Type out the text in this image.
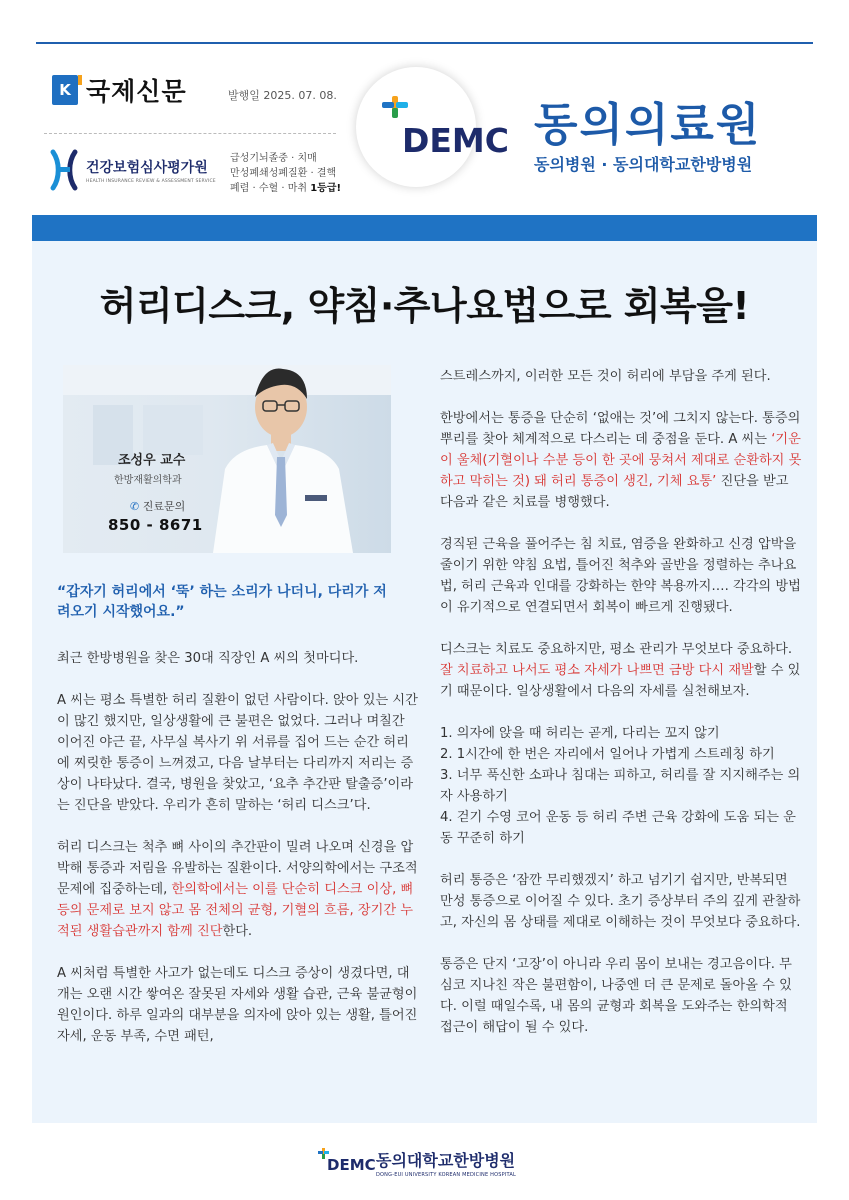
K 국제신문	발행일 2025. 07. 08.
건강보험심사평가원
HEALTH INSURANCE REVIEW & ASSESSMENT SERVICE
급성기뇌졸중 · 치매
만성폐쇄성폐질환 · 결핵
폐렴 · 수혈 · 마취 1등급!
DEMC 동의의료원
동의병원 · 동의대학교한방병원
허리디스크, 약침·추나요법으로 회복을!
조성우 교수
한방재활의학과
✆ 진료문의
850 - 8671
“갑자기 허리에서 ‘뚝’ 하는 소리가 나더니, 다리가 저려오기 시작했어요.”

최근 한방병원을 찾은 30대 직장인 A 씨의 첫마디다.

A 씨는 평소 특별한 허리 질환이 없던 사람이다. 앉아 있는 시간이 많긴 했지만, 일상생활에 큰 불편은 없었다. 그러나 며칠간 이어진 야근 끝, 사무실 복사기 위 서류를 집어 드는 순간 허리에 찌릿한 통증이 느껴졌고, 다음 날부터는 다리까지 저리는 증상이 나타났다. 결국, 병원을 찾았고, ‘요추 추간판 탈출증’이라는 진단을 받았다. 우리가 흔히 말하는 ‘허리 디스크’다.

허리 디스크는 척추 뼈 사이의 추간판이 밀려 나오며 신경을 압박해 통증과 저림을 유발하는 질환이다. 서양의학에서는 구조적 문제에 집중하는데, 한의학에서는 이를 단순히 디스크 이상, 뼈 등의 문제로 보지 않고 몸 전체의 균형, 기혈의 흐름, 장기간 누적된 생활습관까지 함께 진단한다.

A 씨처럼 특별한 사고가 없는데도 디스크 증상이 생겼다면, 대개는 오랜 시간 쌓여온 잘못된 자세와 생활 습관, 근육 불균형이 원인이다. 하루 일과의 대부분을 의자에 앉아 있는 생활, 틀어진 자세, 운동 부족, 수면 패턴,

스트레스까지, 이러한 모든 것이 허리에 부담을 주게 된다.

한방에서는 통증을 단순히 ‘없애는 것’에 그치지 않는다. 통증의 뿌리를 찾아 체계적으로 다스리는 데 중점을 둔다. A 씨는 ‘기운이 울체(기혈이나 수분 등이 한 곳에 뭉쳐서 제대로 순환하지 못하고 막히는 것) 돼 허리 통증이 생긴, 기체 요통’ 진단을 받고 다음과 같은 치료를 병행했다.

경직된 근육을 풀어주는 침 치료, 염증을 완화하고 신경 압박을 줄이기 위한 약침 요법, 틀어진 척추와 골반을 정렬하는 추나요법, 허리 근육과 인대를 강화하는 한약 복용까지…. 각각의 방법이 유기적으로 연결되면서 회복이 빠르게 진행됐다.

디스크는 치료도 중요하지만, 평소 관리가 무엇보다 중요하다. 잘 치료하고 나서도 평소 자세가 나쁘면 금방 다시 재발할 수 있기 때문이다. 일상생활에서 다음의 자세를 실천해보자.

1. 의자에 앉을 때 허리는 곧게, 다리는 꼬지 않기
2. 1시간에 한 번은 자리에서 일어나 가볍게 스트레칭 하기
3. 너무 푹신한 소파나 침대는 피하고, 허리를 잘 지지해주는 의자 사용하기
4. 걷기 수영 코어 운동 등 허리 주변 근육 강화에 도움 되는 운동 꾸준히 하기

허리 통증은 ‘잠깐 무리했겠지’ 하고 넘기기 쉽지만, 반복되면 만성 통증으로 이어질 수 있다. 초기 증상부터 주의 깊게 관찰하고, 자신의 몸 상태를 제대로 이해하는 것이 무엇보다 중요하다.

통증은 단지 ‘고장’이 아니라 우리 몸이 보내는 경고음이다. 무심코 지나친 작은 불편함이, 나중엔 더 큰 문제로 돌아올 수 있다. 이럴 때일수록, 내 몸의 균형과 회복을 도와주는 한의학적 접근이 해답이 될 수 있다.

DEMC 동의대학교한방병원
DONG-EUI UNIVERSITY KOREAN MEDICINE HOSPITAL
